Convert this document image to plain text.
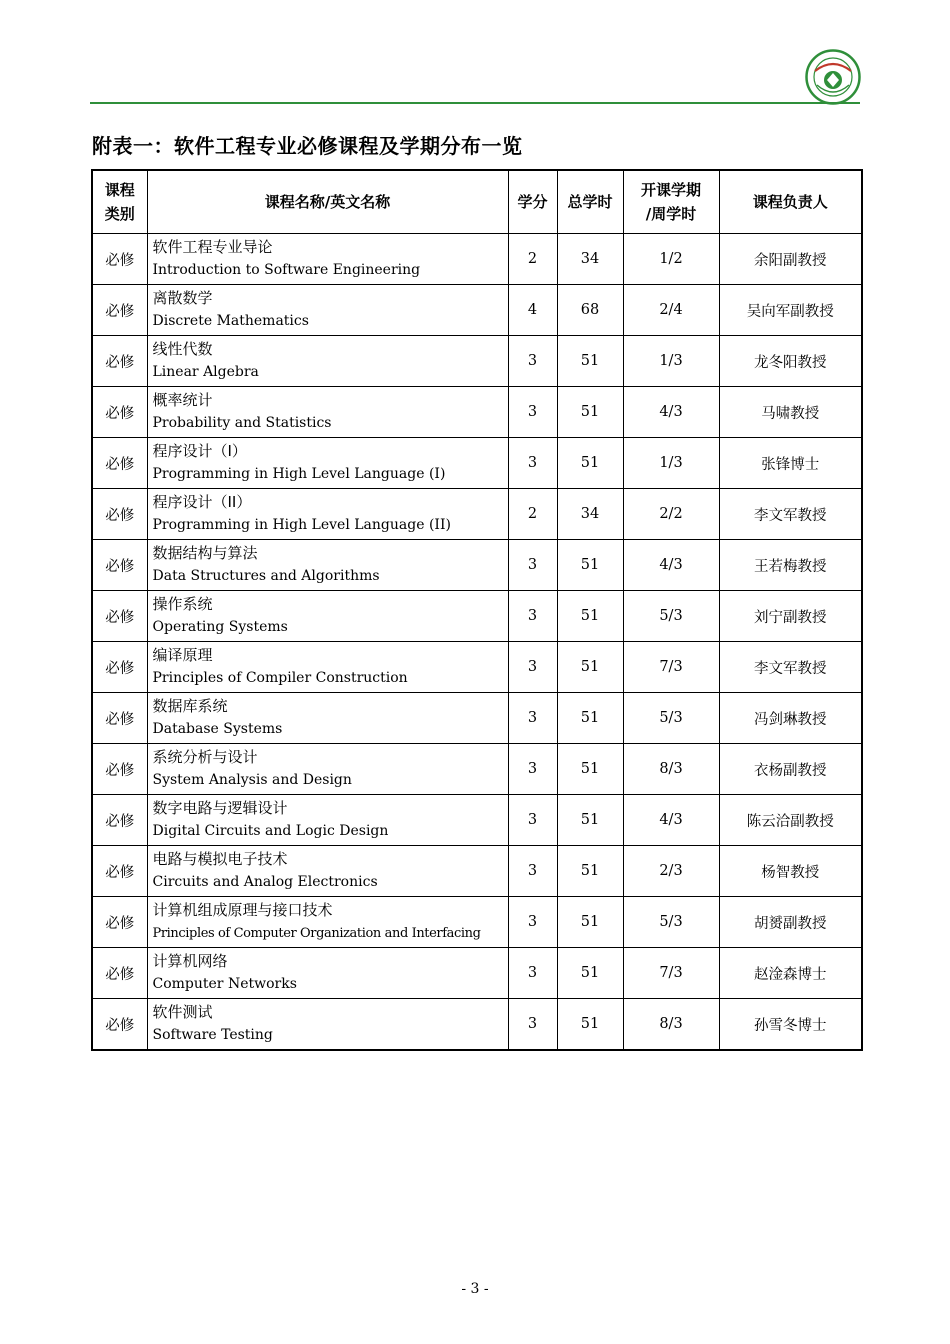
附表一：软件工程专业必修课程及学期分布一览
课程
类别	课程名称/英文名称	学分	总学时	开课学期
/周学时	课程负责人
必修	软件工程专业导论
Introduction to Software Engineering	2	34	1/2	余阳副教授
必修	离散数学
Discrete Mathematics	4	68	2/4	吴向军副教授
必修	线性代数
Linear Algebra	3	51	1/3	龙冬阳教授
必修	概率统计
Probability and Statistics	3	51	4/3	马啸教授
必修	程序设计（I）
Programming in High Level Language (I)	3	51	1/3	张锋博士
必修	程序设计（II）
Programming in High Level Language (II)	2	34	2/2	李文军教授
必修	数据结构与算法
Data Structures and Algorithms	3	51	4/3	王若梅教授
必修	操作系统
Operating Systems	3	51	5/3	刘宁副教授
必修	编译原理
Principles of Compiler Construction	3	51	7/3	李文军教授
必修	数据库系统
Database Systems	3	51	5/3	冯剑琳教授
必修	系统分析与设计
System Analysis and Design	3	51	8/3	衣杨副教授
必修	数字电路与逻辑设计
Digital Circuits and Logic Design	3	51	4/3	陈云洽副教授
必修	电路与模拟电子技术
Circuits and Analog Electronics	3	51	2/3	杨智教授
必修	计算机组成原理与接口技术
Principles of Computer Organization and Interfacing	3	51	5/3	胡赟副教授
必修	计算机网络
Computer Networks	3	51	7/3	赵淦森博士
必修	软件测试
Software Testing	3	51	8/3	孙雪冬博士
- 3 -
